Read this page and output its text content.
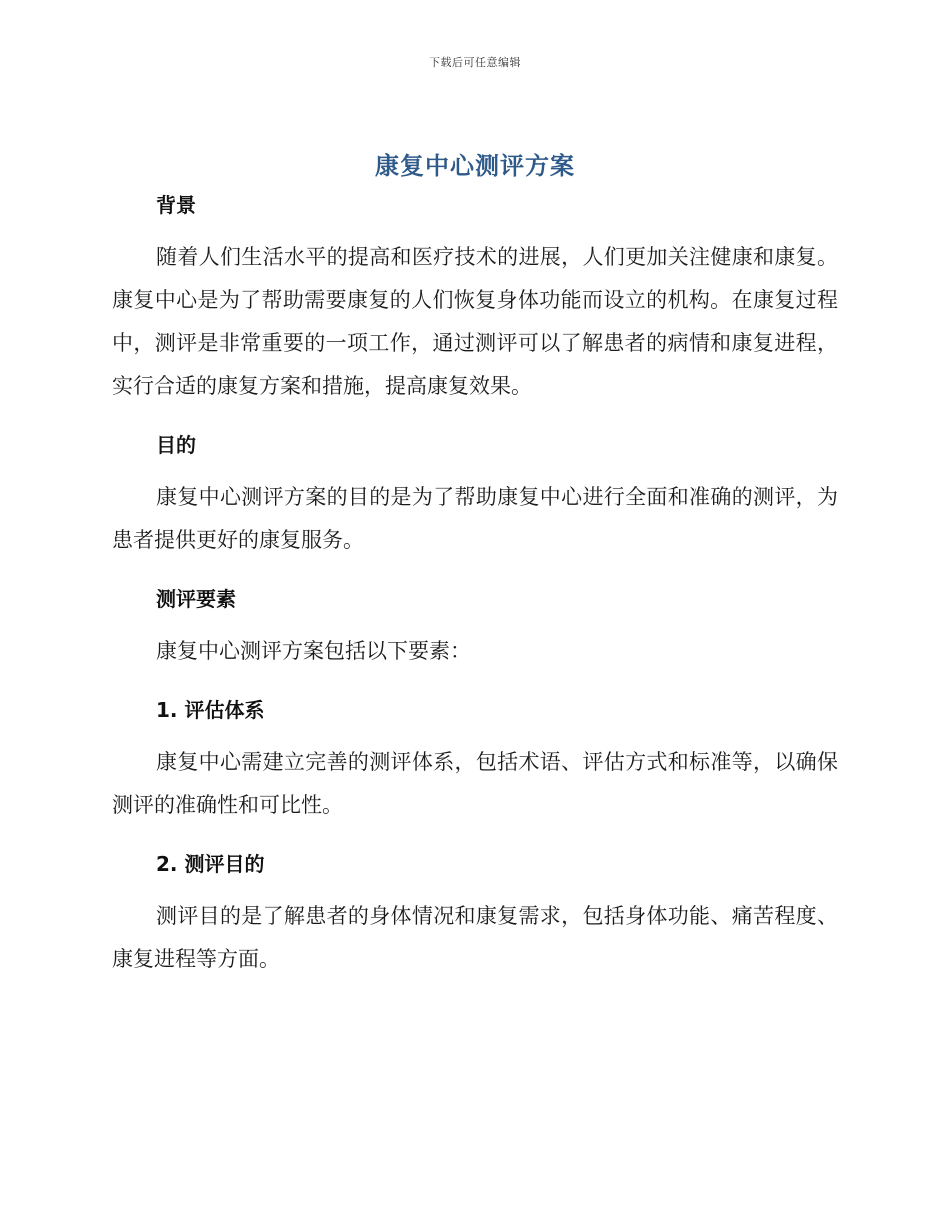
下载后可任意编辑
康复中心测评方案
背景

随着人们生活水平的提高和医疗技术的进展，人们更加关注健康和康复。康复中心是为了帮助需要康复的人们恢复身体功能而设立的机构。在康复过程中，测评是非常重要的一项工作，通过测评可以了解患者的病情和康复进程，实行合适的康复方案和措施，提高康复效果。

目的

康复中心测评方案的目的是为了帮助康复中心进行全面和准确的测评，为患者提供更好的康复服务。

测评要素

康复中心测评方案包括以下要素：

1. 评估体系

康复中心需建立完善的测评体系，包括术语、评估方式和标准等，以确保测评的准确性和可比性。

2. 测评目的

测评目的是了解患者的身体情况和康复需求，包括身体功能、痛苦程度、康复进程等方面。
